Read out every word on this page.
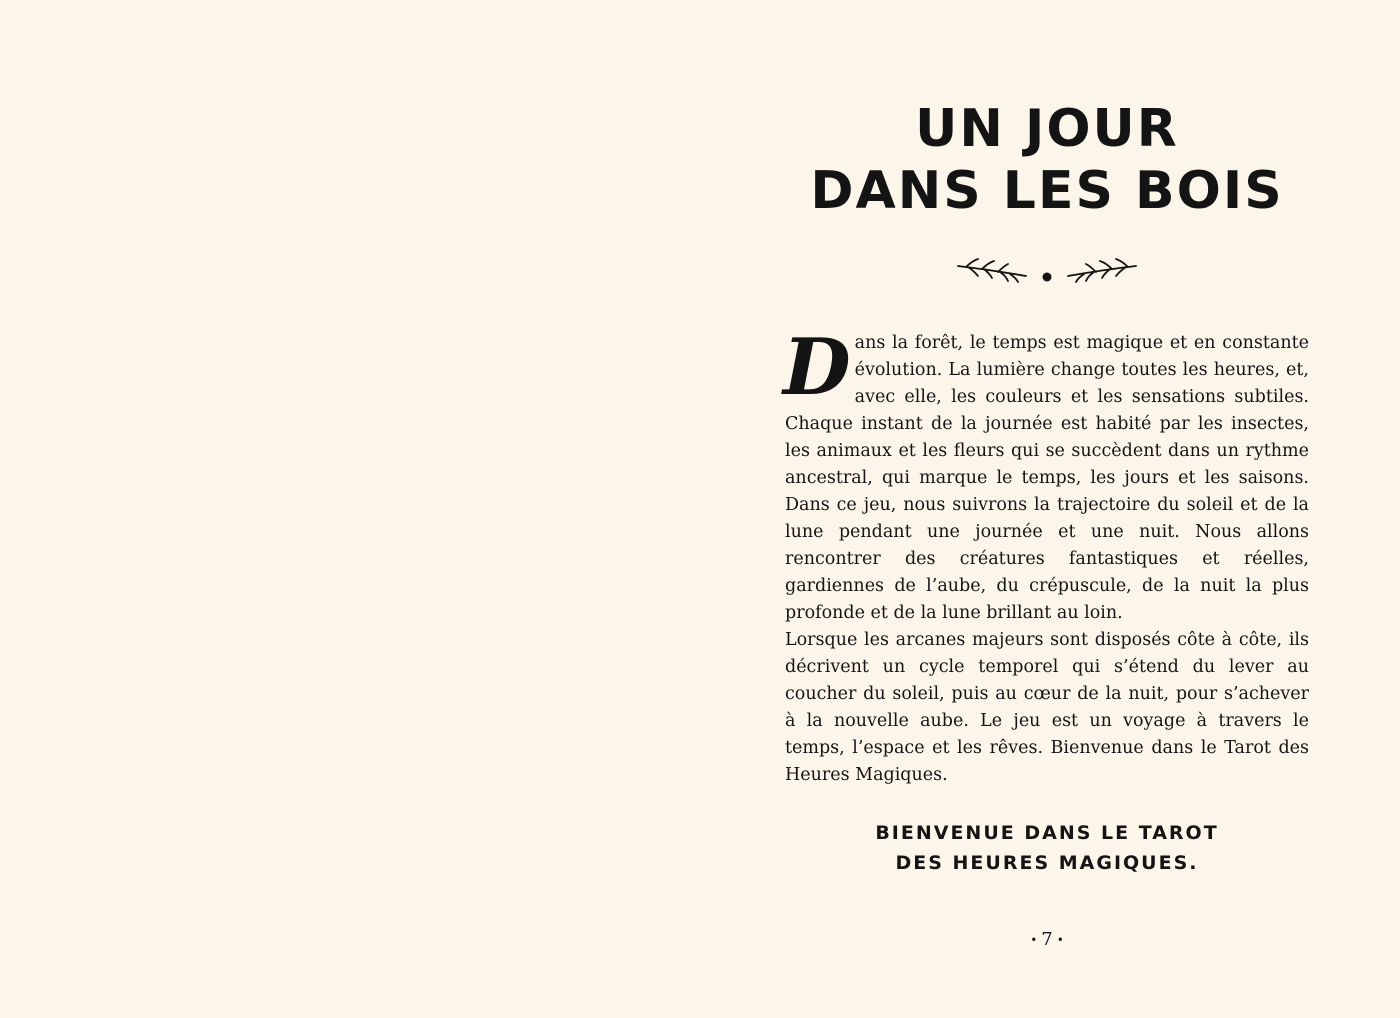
UN JOUR
DANS LES BOIS

Dans la forêt, le temps est magique et en constante évolution. La lumière change toutes les heures, et, avec elle, les couleurs et les sensations subtiles. Chaque instant de la journée est habité par les insectes, les animaux et les fleurs qui se succèdent dans un rythme ancestral, qui marque le temps, les jours et les saisons. Dans ce jeu, nous suivrons la trajectoire du soleil et de la lune pendant une journée et une nuit. Nous allons rencontrer des créatures fantastiques et réelles, gardiennes de l’aube, du crépuscule, de la nuit la plus profonde et de la lune brillant au loin.

Lorsque les arcanes majeurs sont disposés côte à côte, ils décrivent un cycle temporel qui s’étend du lever au coucher du soleil, puis au cœur de la nuit, pour s’achever à la nouvelle aube. Le jeu est un voyage à travers le temps, l’espace et les rêves. Bienvenue dans le Tarot des Heures Magiques.

BIENVENUE DANS LE TAROT
DES HEURES MAGIQUES.
• 7 •
